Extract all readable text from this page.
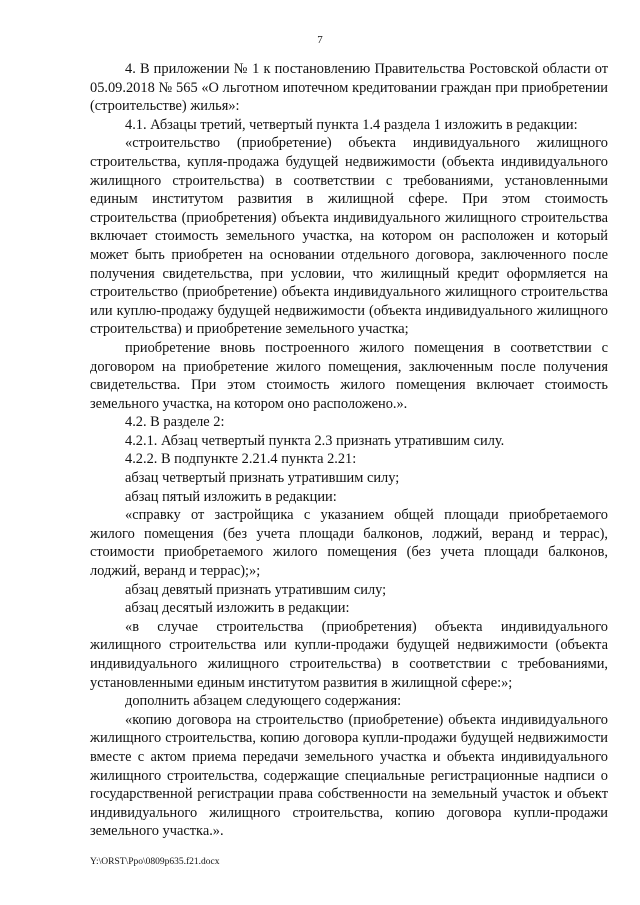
7

4. В приложении № 1 к постановлению Правительства Ростовской области от 05.09.2018 № 565 «О льготном ипотечном кредитовании граждан при приобретении (строительстве) жилья»:

4.1. Абзацы третий, четвертый пункта 1.4 раздела 1 изложить в редакции:

«строительство (приобретение) объекта индивидуального жилищного строительства, купля-продажа будущей недвижимости (объекта индивидуального жилищного строительства) в соответствии с требованиями, установленными единым институтом развития в жилищной сфере. При этом стоимость строительства (приобретения) объекта индивидуального жилищного строительства включает стоимость земельного участка, на котором он расположен и который может быть приобретен на основании отдельного договора, заключенного после получения свидетельства, при условии, что жилищный кредит оформляется на строительство (приобретение) объекта индивидуального жилищного строительства или куплю-продажу будущей недвижимости (объекта индивидуального жилищного строительства) и приобретение земельного участка;

приобретение вновь построенного жилого помещения в соответствии с договором на приобретение жилого помещения, заключенным после получения свидетельства. При этом стоимость жилого помещения включает стоимость земельного участка, на котором оно расположено.».

4.2. В разделе 2:

4.2.1. Абзац четвертый пункта 2.3 признать утратившим силу.

4.2.2. В подпункте 2.21.4 пункта 2.21:

абзац четвертый признать утратившим силу;

абзац пятый изложить в редакции:

«справку от застройщика с указанием общей площади приобретаемого жилого помещения (без учета площади балконов, лоджий, веранд и террас), стоимости приобретаемого жилого помещения (без учета площади балконов, лоджий, веранд и террас);»;

абзац девятый признать утратившим силу;

абзац десятый изложить в редакции:

«в случае строительства (приобретения) объекта индивидуального жилищного строительства или купли-продажи будущей недвижимости (объекта индивидуального жилищного строительства) в соответствии с требованиями, установленными единым институтом развития в жилищной сфере:»;

дополнить абзацем следующего содержания:

«копию договора на строительство (приобретение) объекта индивидуального жилищного строительства, копию договора купли-продажи будущей недвижимости вместе с актом приема передачи земельного участка и объекта индивидуального жилищного строительства, содержащие специальные регистрационные надписи о государственной регистрации права собственности на земельный участок и объект индивидуального жилищного строительства, копию договора купли-продажи земельного участка.».

Y:\ORST\Ppo\0809p635.f21.docx
